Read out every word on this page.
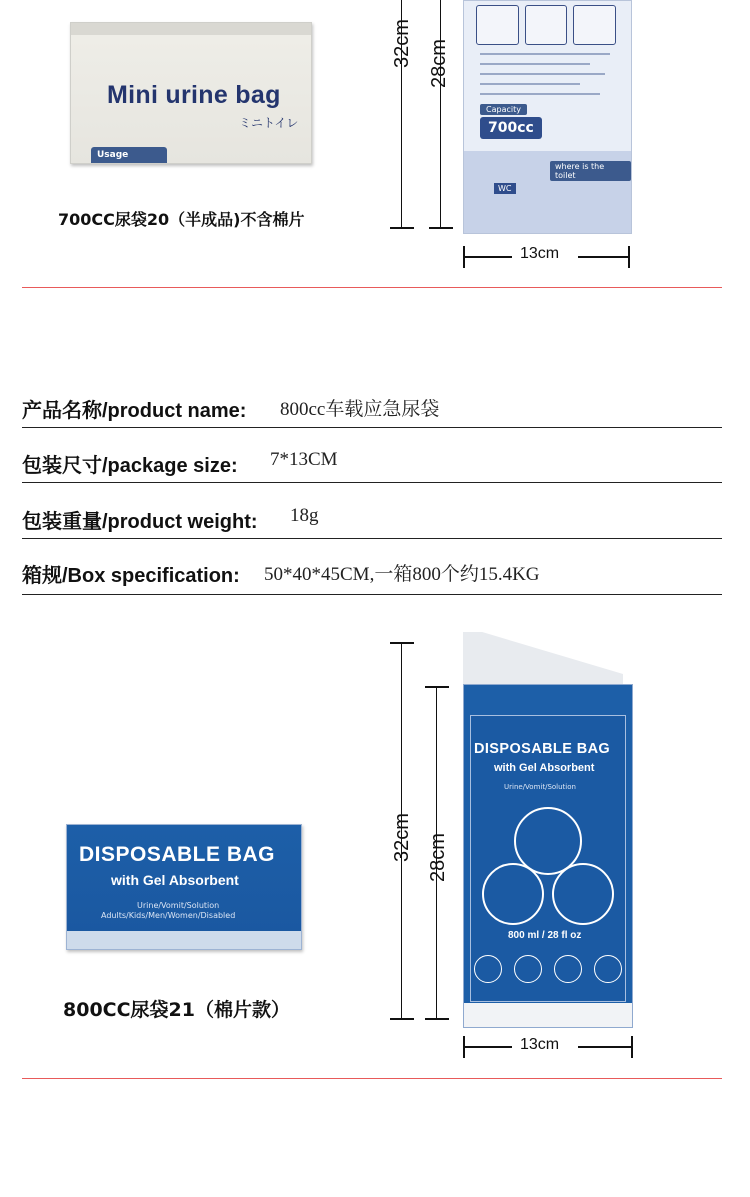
Mini urine bag
ミニトイレ
Usage
700CC尿袋20（半成品)不含棉片
32cm 28cm
Capacity
700cc
where is the toilet
WC
13cm
产品名称/product name: 800cc车载应急尿袋
包装尺寸/package size: 7*13CM
包装重量/product weight: 18g
箱规/Box specification: 50*40*45CM,一箱800个约15.4KG
DISPOSABLE BAG
with Gel Absorbent
Urine/Vomit/Solution
Adults/Kids/Men/Women/Disabled
800CC尿袋21（棉片款）
32cm 28cm
DISPOSABLE BAG
with Gel Absorbent
Urine/Vomit/Solution
800 ml / 28 fl oz
13cm
